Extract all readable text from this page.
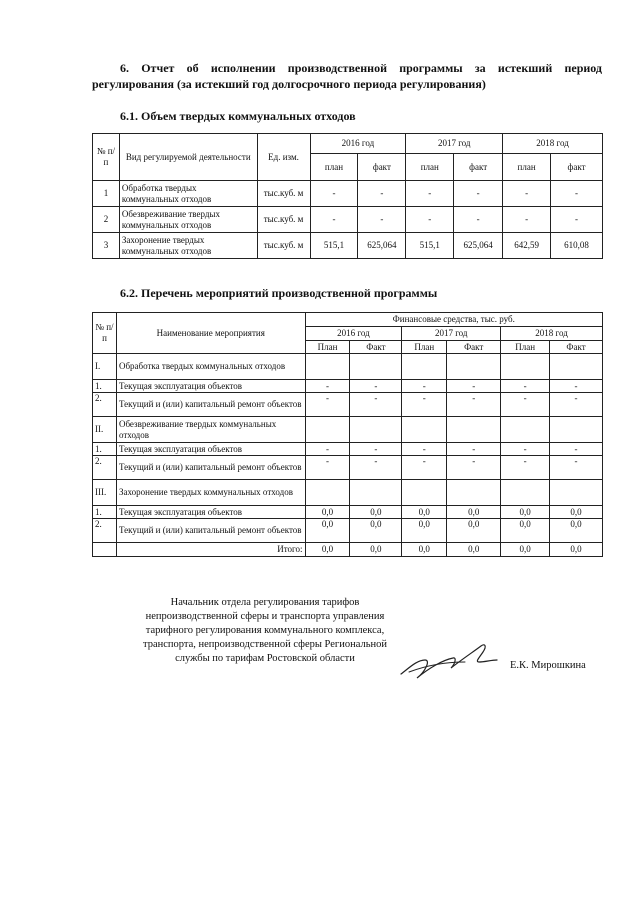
6. Отчет об исполнении производственной программы за истекший период
регулирования (за истекший год долгосрочного периода регулирования)
6.1. Объем твердых коммунальных отходов
№ п/п	Вид регулируемой деятельности	Ед. изм.	2016 год		2017 год		2018 год	
			план	факт	план	факт	план	факт
1	Обработка твердых коммунальных отходов	тыс.куб. м	-	-	-	-	-	-
2	Обезвреживание твердых коммунальных отходов	тыс.куб. м	-	-	-	-	-	-
3	Захоронение твердых коммунальных отходов	тыс.куб. м	515,1	625,064	515,1	625,064	642,59	610,08
6.2. Перечень мероприятий производственной программы
№ п/п	Наименование мероприятия	Финансовые средства, тыс. руб.					
		2016 год		2017 год		2018 год	
		План	Факт	План	Факт	План	Факт
I.	Обработка твердых коммунальных отходов						
1.	Текущая эксплуатация объектов	-	-	-	-	-	-
2.	Текущий и (или) капитальный ремонт объектов	-	-	-	-	-	-
II.	Обезвреживание твердых коммунальных отходов						
1.	Текущая эксплуатация объектов	-	-	-	-	-	-
2.	Текущий и (или) капитальный ремонт объектов	-	-	-	-	-	-
III.	Захоронение твердых коммунальных отходов						
1.	Текущая эксплуатация объектов	0,0	0,0	0,0	0,0	0,0	0,0
2.	Текущий и (или) капитальный ремонт объектов	0,0	0,0	0,0	0,0	0,0	0,0
	Итого:	0,0	0,0	0,0	0,0	0,0	0,0
Начальник отдела регулирования тарифов
непроизводственной сферы и транспорта управления
тарифного регулирования коммунального комплекса,
транспорта, непроизводственной сферы Региональной
службы по тарифам Ростовской области
Е.К. Мирошкина
